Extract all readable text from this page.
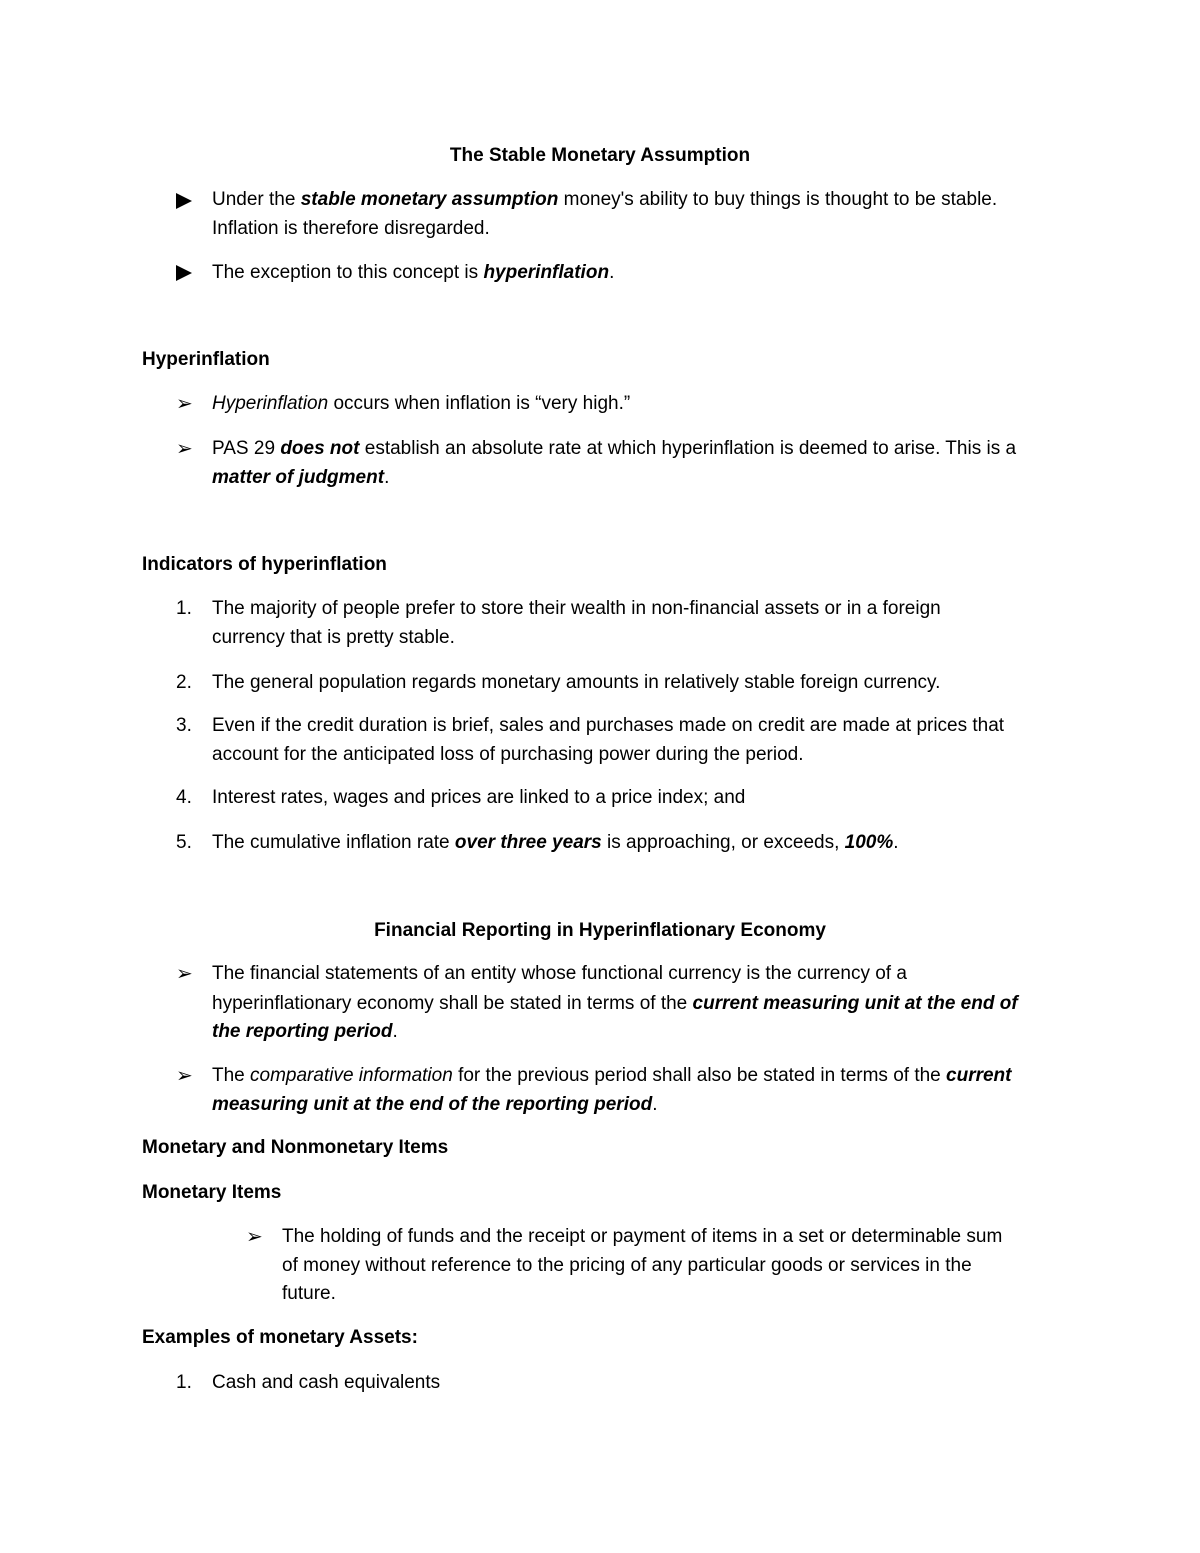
The Stable Monetary Assumption
Under the stable monetary assumption money's ability to buy things is thought to be stable.
Inflation is therefore disregarded.
The exception to this concept is hyperinflation.
Hyperinflation
➢ Hyperinflation occurs when inflation is “very high.”
➢ PAS 29 does not establish an absolute rate at which hyperinflation is deemed to arise. This is a
matter of judgment.
Indicators of hyperinflation
1. The majority of people prefer to store their wealth in non-financial assets or in a foreign
currency that is pretty stable.
2. The general population regards monetary amounts in relatively stable foreign currency.
3. Even if the credit duration is brief, sales and purchases made on credit are made at prices that
account for the anticipated loss of purchasing power during the period.
4. Interest rates, wages and prices are linked to a price index; and
5. The cumulative inflation rate over three years is approaching, or exceeds, 100%.
Financial Reporting in Hyperinflationary Economy
➢ The financial statements of an entity whose functional currency is the currency of a
hyperinflationary economy shall be stated in terms of the current measuring unit at the end of
the reporting period.
➢ The comparative information for the previous period shall also be stated in terms of the current
measuring unit at the end of the reporting period.
Monetary and Nonmonetary Items
Monetary Items
➢ The holding of funds and the receipt or payment of items in a set or determinable sum
of money without reference to the pricing of any particular goods or services in the
future.
Examples of monetary Assets:
1. Cash and cash equivalents
